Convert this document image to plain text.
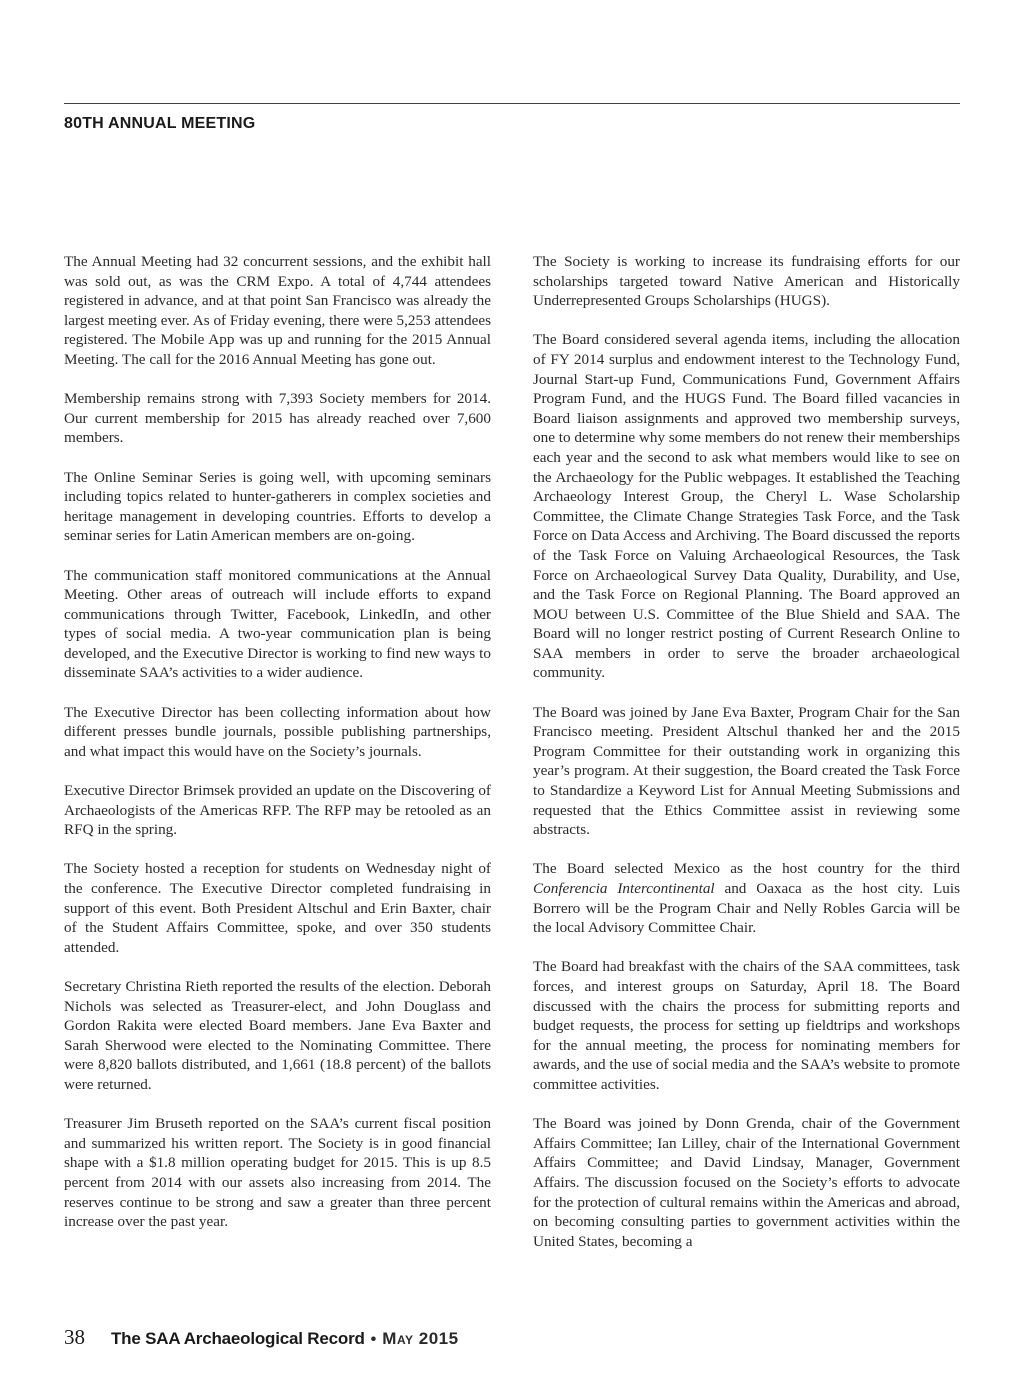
80TH ANNUAL MEETING

The Annual Meeting had 32 concurrent sessions, and the exhibit hall was sold out, as was the CRM Expo. A total of 4,744 attendees registered in advance, and at that point San Francisco was already the largest meeting ever. As of Friday evening, there were 5,253 attendees registered. The Mobile App was up and running for the 2015 Annual Meeting. The call for the 2016 Annual Meeting has gone out.

Membership remains strong with 7,393 Society members for 2014. Our current membership for 2015 has already reached over 7,600 members.

The Online Seminar Series is going well, with upcoming seminars including topics related to hunter-gatherers in complex societies and heritage management in developing countries. Efforts to develop a seminar series for Latin American members are on-going.

The communication staff monitored communications at the Annual Meeting. Other areas of outreach will include efforts to expand communications through Twitter, Facebook, LinkedIn, and other types of social media. A two-year communication plan is being developed, and the Executive Director is working to find new ways to disseminate SAA’s activities to a wider audience.

The Executive Director has been collecting information about how different presses bundle journals, possible publishing partnerships, and what impact this would have on the Society’s journals.

Executive Director Brimsek provided an update on the Discovering of Archaeologists of the Americas RFP. The RFP may be retooled as an RFQ in the spring.

The Society hosted a reception for students on Wednesday night of the conference. The Executive Director completed fundraising in support of this event. Both President Altschul and Erin Baxter, chair of the Student Affairs Committee, spoke, and over 350 students attended.

Secretary Christina Rieth reported the results of the election. Deborah Nichols was selected as Treasurer-elect, and John Douglass and Gordon Rakita were elected Board members. Jane Eva Baxter and Sarah Sherwood were elected to the Nominating Committee. There were 8,820 ballots distributed, and 1,661 (18.8 percent) of the ballots were returned.

Treasurer Jim Bruseth reported on the SAA’s current fiscal position and summarized his written report. The Society is in good financial shape with a $1.8 million operating budget for 2015. This is up 8.5 percent from 2014 with our assets also increasing from 2014. The reserves continue to be strong and saw a greater than three percent increase over the past year.

The Society is working to increase its fundraising efforts for our scholarships targeted toward Native American and Historically Underrepresented Groups Scholarships (HUGS).

The Board considered several agenda items, including the allocation of FY 2014 surplus and endowment interest to the Technology Fund, Journal Start-up Fund, Communications Fund, Government Affairs Program Fund, and the HUGS Fund. The Board filled vacancies in Board liaison assignments and approved two membership surveys, one to determine why some members do not renew their memberships each year and the second to ask what members would like to see on the Archaeology for the Public webpages. It established the Teaching Archaeology Interest Group, the Cheryl L. Wase Scholarship Committee, the Climate Change Strategies Task Force, and the Task Force on Data Access and Archiving. The Board discussed the reports of the Task Force on Valuing Archaeological Resources, the Task Force on Archaeological Survey Data Quality, Durability, and Use, and the Task Force on Regional Planning. The Board approved an MOU between U.S. Committee of the Blue Shield and SAA. The Board will no longer restrict posting of Current Research Online to SAA members in order to serve the broader archaeological community.

The Board was joined by Jane Eva Baxter, Program Chair for the San Francisco meeting. President Altschul thanked her and the 2015 Program Committee for their outstanding work in organizing this year’s program. At their suggestion, the Board created the Task Force to Standardize a Keyword List for Annual Meeting Submissions and requested that the Ethics Committee assist in reviewing some abstracts.

The Board selected Mexico as the host country for the third Conferencia Intercontinental and Oaxaca as the host city. Luis Borrero will be the Program Chair and Nelly Robles Garcia will be the local Advisory Committee Chair.

The Board had breakfast with the chairs of the SAA committees, task forces, and interest groups on Saturday, April 18. The Board discussed with the chairs the process for submitting reports and budget requests, the process for setting up fieldtrips and workshops for the annual meeting, the process for nominating members for awards, and the use of social media and the SAA’s website to promote committee activities.

The Board was joined by Donn Grenda, chair of the Government Affairs Committee; Ian Lilley, chair of the International Government Affairs Committee; and David Lindsay, Manager, Government Affairs. The discussion focused on the Society’s efforts to advocate for the protection of cultural remains within the Americas and abroad, on becoming consulting parties to government activities within the United States, becoming a

38 The SAA Archaeological Record • May 2015
